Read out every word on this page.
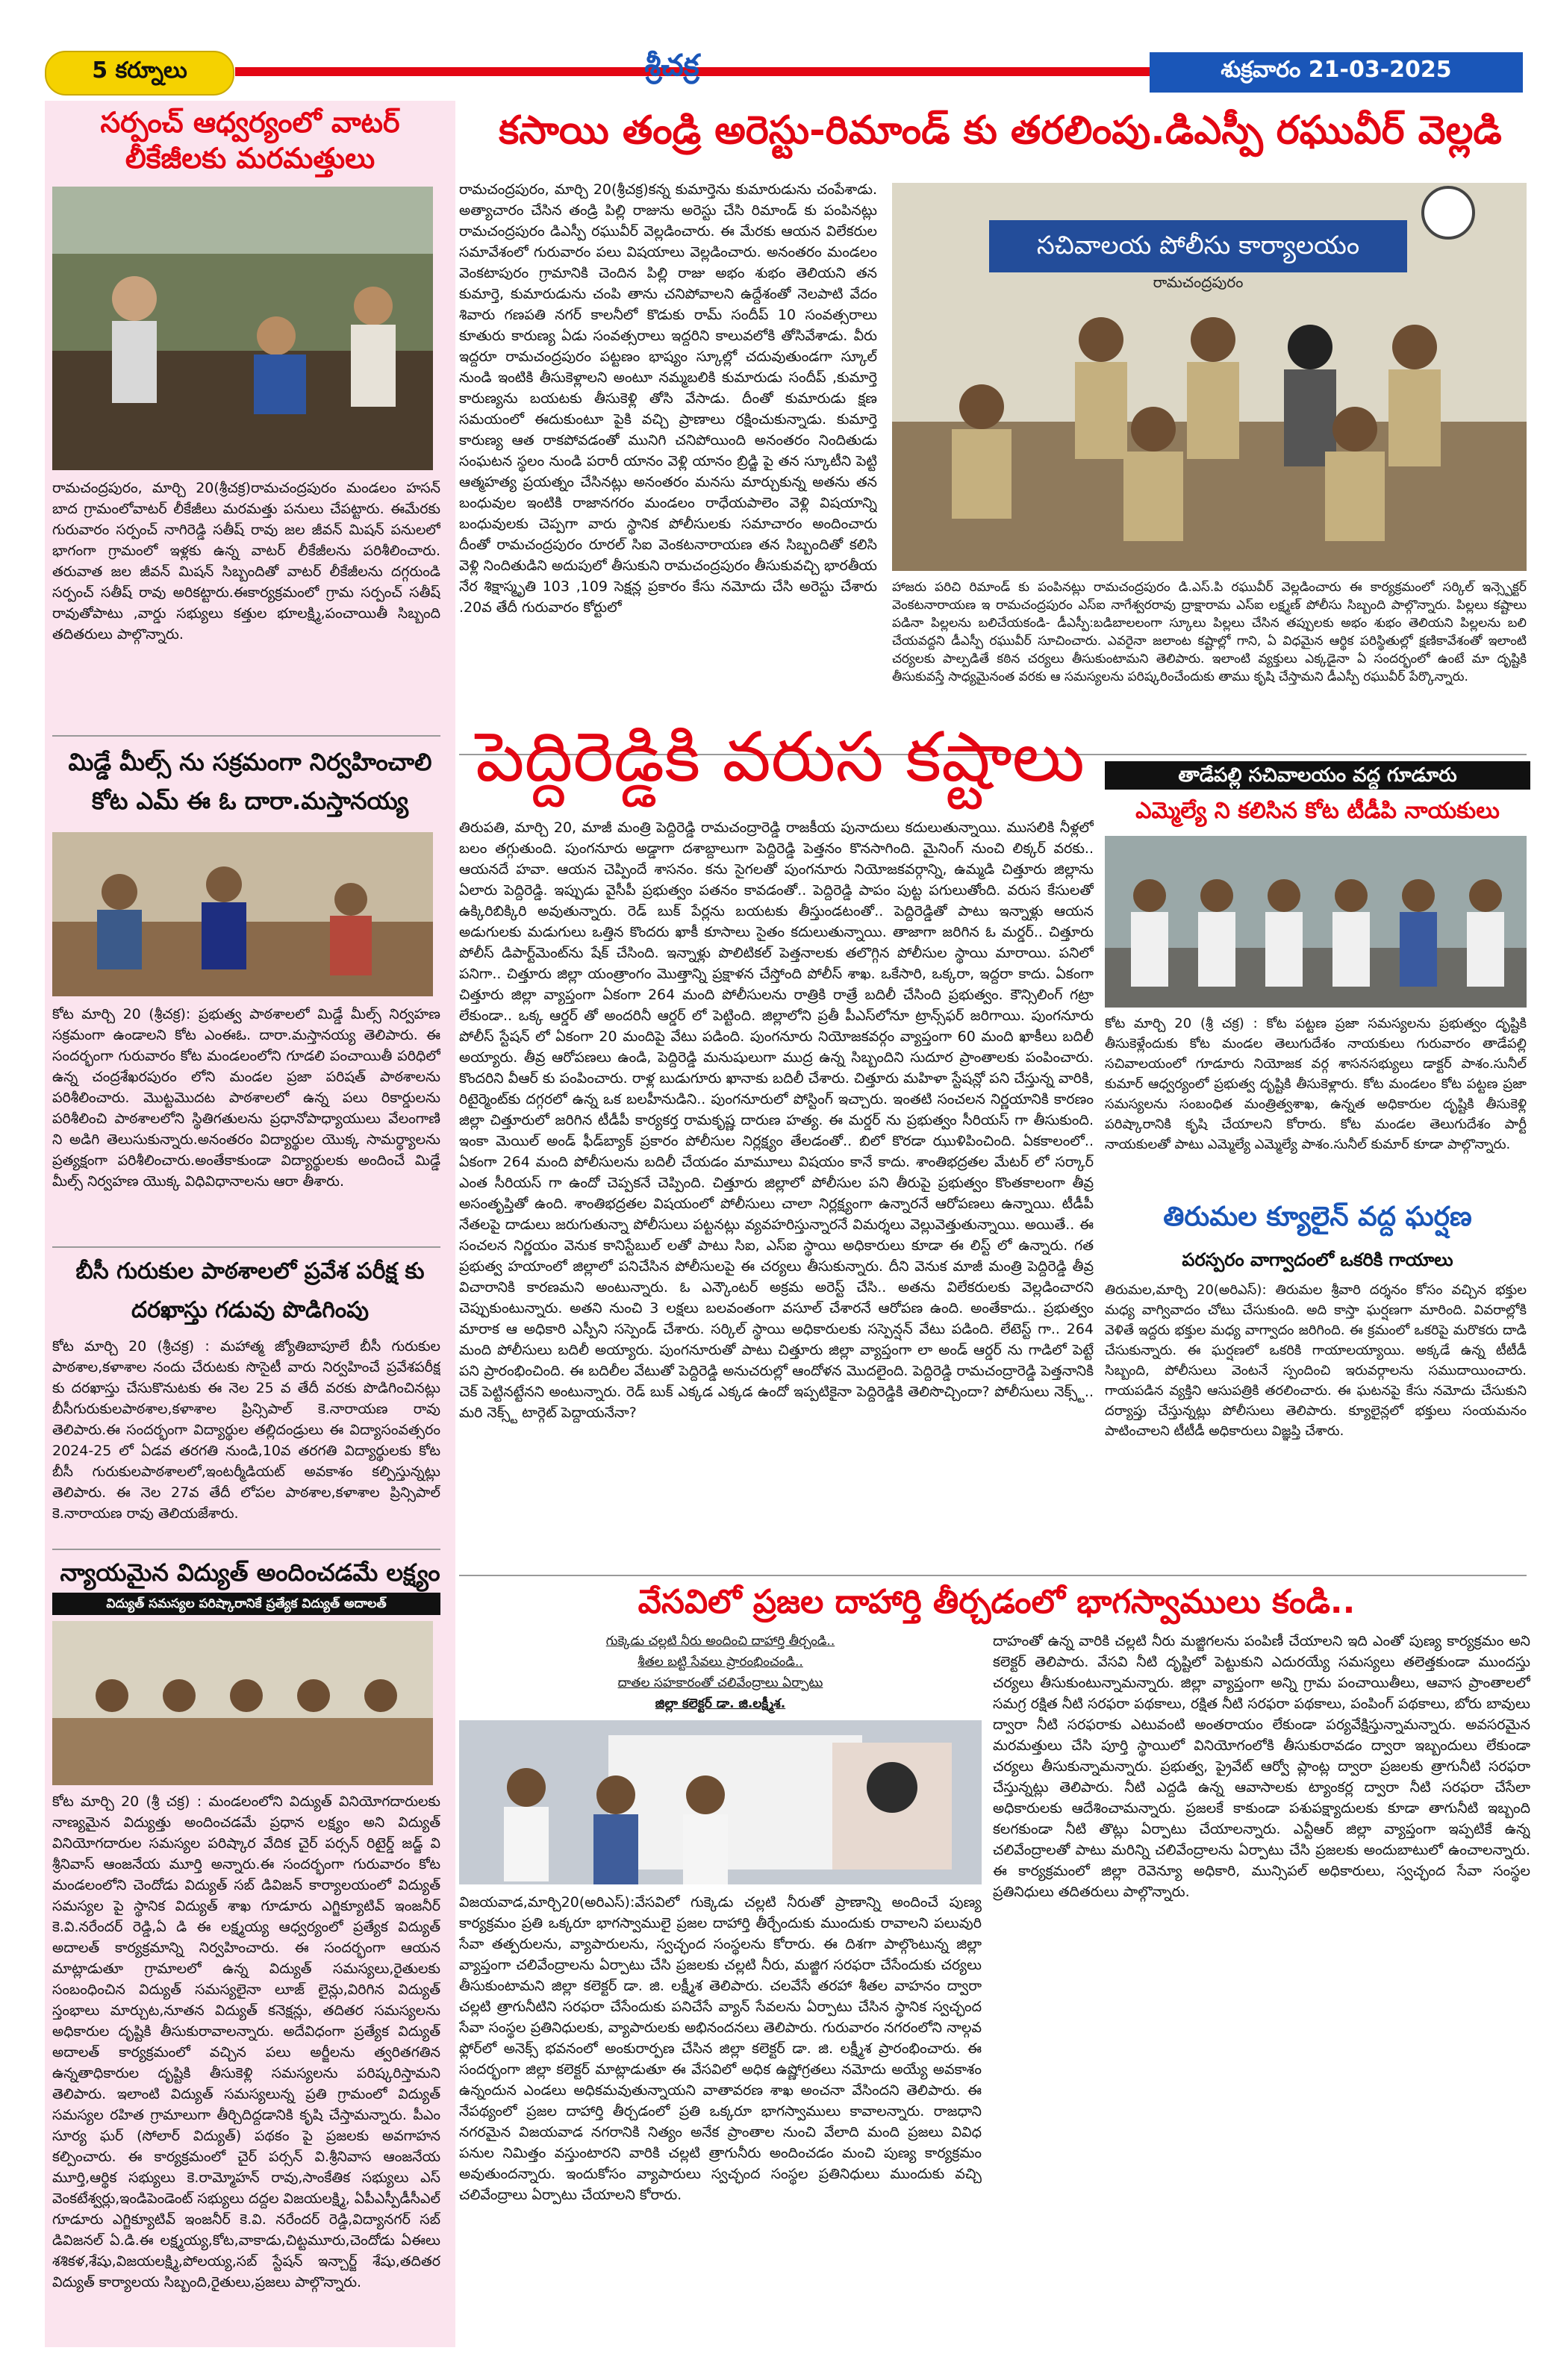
5 కర్నూలు	శ్రీచక్ర	శుక్రవారం 21-03-2025
సర్పంచ్ ఆధ్వర్యంలో వాటర్
లీకేజీలకు మరమత్తులు
రామచంద్రపురం, మార్చి 20(శ్రీచక్ర)రామచంద్రపురం మండలం హసన్ బాద గ్రామంలోవాటర్ లీకేజీలు మరమత్తు పనులు చేపట్టారు. ఈమేరకు గురువారం సర్పంచ్ నాగిరెడ్డి సతీష్ రావు జల జీవన్ మిషన్ పనులలో భాగంగా గ్రామంలో ఇళ్లకు ఉన్న వాటర్ లీకేజీలను పరిశీలించారు. తరువాత జల జీవన్ మిషన్ సిబ్బందితో వాటర్ లీకేజీలను దగ్గరుండి సర్పంచ్ సతీష్ రావు అరికట్టారు.ఈకార్యక్రమంలో గ్రామ సర్పంచ్ సతీష్ రావుతోపాటు ,వార్డు సభ్యులు కత్తుల భూలక్ష్మి,పంచాయితీ సిబ్బంది తదితరులు పాల్గొన్నారు.
మిడ్డే మీల్స్ ను సక్రమంగా నిర్వహించాలి
కోట ఎమ్ ఈ ఓ దారా.మస్తానయ్య
కోట మార్చి 20 (శ్రీచక్ర): ప్రభుత్వ పాఠశాలలో మిడ్డే మీల్స్ నిర్వహణ సక్రమంగా ఉండాలని కోట ఎంఈఓ. దారా.మస్తానయ్య తెలిపారు. ఈ సందర్భంగా గురువారం కోట మండలంలోని గూడలి పంచాయితీ పరిధిలో ఉన్న చంద్రశేఖరపురం లోని మండల ప్రజా పరిషత్ పాఠశాలను పరిశీలించారు. మొట్టమొదట పాఠశాలలో ఉన్న పలు రికార్డులను పరిశీలించి పాఠశాలలోని స్థితిగతులను ప్రధానోపాధ్యాయులు వేలంగాణి ని అడిగి తెలుసుకున్నారు.అనంతరం విద్యార్థుల యొక్క సామర్థ్యాలను ప్రత్యక్షంగా పరిశీలించారు.అంతేకాకుండా విద్యార్థులకు అందించే మిడ్డే మీల్స్ నిర్వహణ యొక్క విధివిధానాలను ఆరా తీశారు.
బీసీ గురుకుల పాఠశాలలో ప్రవేశ పరీక్ష కు
దరఖాస్తు గడువు పొడిగింపు
కోట మార్చి 20 (శ్రీచక్ర) : మహాత్మ జ్యోతిబాపూలే బీసీ గురుకుల పాఠశాల,కళాశాల నందు చేరుటకు సొసైటీ వారు నిర్వహించే ప్రవేశపరీక్ష కు దరఖాస్తు చేసుకొనుటకు ఈ నెల 25 వ తేదీ వరకు పొడిగించినట్లు బీసీగురుకులపాఠశాల,కళాశాల ప్రిన్సిపాల్ కె.నారాయణ రావు తెలిపారు.ఈ సందర్భంగా విద్యార్థుల తల్లిదండ్రులు ఈ విద్యాసంవత్సరం 2024-25 లో ఏడవ తరగతి నుండి,10వ తరగతి విద్యార్థులకు కోట బీసీ గురుకులపాఠశాలలో,ఇంటర్మీడియట్ అవకాశం కల్పిస్తున్నట్లు తెలిపారు. ఈ నెల 27వ తేదీ లోపల పాఠశాల,కళాశాల ప్రిన్సిపాల్ కె.నారాయణ రావు తెలియజేశారు.
న్యాయమైన విద్యుత్ అందించడమే లక్ష్యం
విద్యుత్ సమస్యల పరిష్కారానికే ప్రత్యేక విద్యుత్ అదాలత్
కోట మార్చి 20 (శ్రీ చక్ర) : మండలంలోని విద్యుత్ వినియోగదారులకు నాణ్యమైన విద్యుత్తు అందించడమే ప్రధాన లక్ష్యం అని విద్యుత్ వినియోగదారుల సమస్యల పరిష్కార వేదిక చైర్ పర్సన్ రిటైర్డ్ జడ్జ్ వి శ్రీనివాస్ ఆంజనేయ మూర్తి అన్నారు.ఈ సందర్భంగా గురువారం కోట మండలంలోని చెందోడు విద్యుత్ సబ్ డివిజన్ కార్యాలయంలో విద్యుత్ సమస్యల పై స్థానిక విద్యుత్ శాఖ గూడూరు ఎగ్జిక్యూటివ్ ఇంజనీర్ కె.వి.నరేందర్ రెడ్డి,ఏ డి ఈ లక్ష్మయ్య ఆధ్వర్యంలో ప్రత్యేక విద్యుత్ అదాలత్ కార్యక్రమాన్ని నిర్వహించారు. ఈ సందర్భంగా ఆయన మాట్లాడుతూ గ్రామాలలో ఉన్న విద్యుత్ సమస్యలు,రైతులకు సంబంధించిన విద్యుత్ సమస్యలైనా లూజ్ లైన్లు,విరిగిన విద్యుత్ స్తంభాలు మార్చుట,నూతన విద్యుత్ కనెక్షన్లు, తదితర సమస్యలను అధికారుల దృష్టికి తీసుకురావాలన్నారు. అదేవిధంగా ప్రత్యేక విద్యుత్ అదాలత్ కార్యక్రమంలో వచ్చిన పలు అర్జీలను త్వరితగతిన ఉన్నతాధికారుల దృష్టికి తీసుకెళ్లి సమస్యలను పరిష్కరిస్తామని తెలిపారు. ఇలాంటి విద్యుత్ సమస్యలున్న ప్రతి గ్రామంలో విద్యుత్ సమస్యల రహిత గ్రామాలుగా తీర్చిదిద్దడానికి కృషి చేస్తామన్నారు. పీఎం సూర్య ఘర్ (సోలార్ విద్యుత్) పథకం పై ప్రజలకు అవగాహన కల్పించారు. ఈ కార్యక్రమంలో చైర్ పర్సన్ వి.శ్రీనివాస ఆంజనేయ మూర్తి,ఆర్థిక సభ్యులు కె.రామ్మోహన్ రావు,సాంకేతిక సభ్యులు ఎస్ వెంకటేశ్వర్లు,ఇండిపెండెంట్ సభ్యులు దద్దల విజయలక్ష్మి, ఏపీఎస్పీడీసీఎల్ గూడూరు ఎగ్జిక్యూటివ్ ఇంజనీర్ కె.వి. నరేందర్ రెడ్డి,విద్యానగర్ సబ్ డివిజనల్ ఏ.డి.ఈ లక్ష్మయ్య,కోట,వాకాడు,చిట్టమూరు,చెందోడు ఏఈలు శశికళ,శేషు,విజయలక్ష్మి,పోలయ్య,సబ్ స్టేషన్ ఇన్చార్జ్ శేషు,తదితర విద్యుత్ కార్యాలయ సిబ్బంది,రైతులు,ప్రజలు పాల్గొన్నారు.
కసాయి తండ్రి అరెస్టు-రిమాండ్ కు తరలింపు.డిఎస్పీ రఘువీర్ వెల్లడి
రామచంద్రపురం, మార్చి 20(శ్రీచక్ర)కన్న కుమార్తెను కుమారుడును చంపేశాడు. అత్యాచారం చేసిన తండ్రి పిల్లి రాజును అరెస్టు చేసి రిమాండ్ కు పంపినట్లు రామచంద్రపురం డిఎస్పీ రఘువీర్ వెల్లడించారు. ఈ మేరకు ఆయన విలేకరుల సమావేశంలో గురువారం పలు విషయాలు వెల్లడించారు. అనంతరం మండలం వెంకటాపురం గ్రామానికి చెందిన పిల్లి రాజు అభం శుభం తెలియని తన కుమార్తె, కుమారుడును చంపి తాను చనిపోవాలని ఉద్దేశంతో నెలపాటి వేదం శివారు గణపతి నగర్ కాలనీలో కొడుకు రామ్ సందీప్ 10 సంవత్సరాలు కూతురు కారుణ్య ఏడు సంవత్సరాలు ఇద్దరిని కాలువలోకి తోసివేశాడు. వీరు ఇద్దరూ రామచంద్రపురం పట్టణం భాష్యం స్కూల్లో చదువుతుండగా స్కూల్ నుండి ఇంటికి తీసుకెళ్లాలని అంటూ నమ్మబలికి కుమారుడు సందీప్ ,కుమార్తె కారుణ్యను బయటకు తీసుకెళ్లి తోసి వేసాడు. దీంతో కుమారుడు క్షణ సమయంలో ఈదుకుంటూ పైకి వచ్చి ప్రాణాలు రక్షించుకున్నాడు. కుమార్తె కారుణ్య ఆత రాకపోవడంతో మునిగి చనిపోయింది అనంతరం నిందితుడు సంఘటన స్థలం నుండి పరారీ యానం వెళ్లి యానం బ్రిడ్జి పై తన స్కూటీని పెట్టి ఆత్మహత్య ప్రయత్నం చేసినట్లు అనంతరం మనసు మార్చుకున్న అతను తన బంధువుల ఇంటికి రాజానగరం మండలం రాధేయపాలెం వెళ్లి విషయాన్ని బంధువులకు చెప్పగా వారు స్థానిక పోలీసులకు సమాచారం అందించారు దీంతో రామచంద్రపురం రూరల్ సిఐ వెంకటనారాయణ తన సిబ్బందితో కలిసి వెళ్లి నిందితుడిని అదుపులో తీసుకుని రామచంద్రపురం తీసుకువచ్చి భారతీయ నేర శిక్షాస్మృతి 103 ,109 సెక్షన్ల ప్రకారం కేసు నమోదు చేసి అరెస్టు చేశారు .20వ తేదీ గురువారం కోర్టులో
సచివాలయ పోలీసు కార్యాలయం
రామచంద్రపురం
హాజరు పరిచి రిమాండ్ కు పంపినట్లు రామచంద్రపురం డి.ఎస్.పి రఘువీర్ వెల్లడించారు ఈ కార్యక్రమంలో సర్కిల్ ఇన్స్పెక్టర్ వెంకటనారాయణ ఇ రామచంద్రపురం ఎస్ఐ నాగేశ్వరరావు ద్రాక్షారామ ఎస్ఐ లక్ష్మణ్ పోలీసు సిబ్బంది పాల్గొన్నారు. పిల్లలు కష్టాలు పడినా పిల్లలను బలిచేయకండి- డీఎస్పీ:బడిబాలలంగా స్కూలు పిల్లలు చేసిన తప్పులకు అభం శుభం తెలియని పిల్లలను బలి చేయవద్దని డీఎస్పీ రఘువీర్ సూచించారు. ఎవరైనా జలాంట కష్టాల్లో గాని, ఏ విధమైన ఆర్థిక పరిస్థితుల్లో క్షణికావేశంతో ఇలాంటి చర్యలకు పాల్పడితే కఠిన చర్యలు తీసుకుంటామని తెలిపారు. ఇలాంటి వ్యక్తులు ఎక్కడైనా ఏ సందర్భంలో ఉంటే మా దృష్టికి తీసుకువస్తే సాధ్యమైనంత వరకు ఆ సమస్యలను పరిష్కరించేందుకు తాము కృషి చేస్తామని డీఎస్పీ రఘువీర్ పేర్కొన్నారు.
పెద్దిరెడ్డికి వరుస కష్టాలు
తిరుపతి, మార్చి 20, మాజీ మంత్రి పెద్దిరెడ్డి రామచంద్రారెడ్డి రాజకీయ పునాదులు కదులుతున్నాయి. ముసలికి నీళ్లలో బలం తగ్గుతుంది. పుంగనూరు అడ్డాగా దశాబ్దాలుగా పెద్దిరెడ్డి పెత్తనం కొనసాగింది. మైనింగ్ నుంచి లిక్కర్ వరకు.. ఆయనదే హవా. ఆయన చెప్పిందే శాసనం. కను సైగలతో పుంగనూరు నియోజకవర్గాన్ని, ఉమ్మడి చిత్తూరు జిల్లాను ఏలారు పెద్దిరెడ్డి. ఇప్పుడు వైసీపీ ప్రభుత్వం పతనం కావడంతో.. పెద్దిరెడ్డి పాపం పుట్ట పగులుతోంది. వరుస కేసులతో ఉక్కిరిబిక్కిరి అవుతున్నారు. రెడ్ బుక్ పేర్లను బయటకు తీస్తుండటంతో.. పెద్దిరెడ్డితో పాటు ఇన్నాళ్లు ఆయన అడుగులకు మడుగులు ఒత్తిన కొందరు ఖాకీ కూసాలు సైతం కదులుతున్నాయి. తాజాగా జరిగిన ఓ మర్డర్.. చిత్తూరు పోలీస్ డిపార్ట్‌మెంట్‌ను షేక్ చేసింది. ఇన్నాళ్లు పొలిటికల్ పెత్తనాలకు తలొగ్గిన పోలీసుల స్థాయి మారాయి. పనిలో పనిగా.. చిత్తూరు జిల్లా యంత్రాంగం మొత్తాన్ని ప్రక్షాళన చేస్తోంది పోలీస్ శాఖ. ఒకేసారి, ఒక్కరా, ఇద్దరా కాదు. ఏకంగా చిత్తూరు జిల్లా వ్యాప్తంగా ఏకంగా 264 మంది పోలీసులను రాత్రికి రాత్రే బదిలీ చేసింది ప్రభుత్వం. కౌన్సిలింగ్ గట్రా లేకుండా.. ఒక్క ఆర్డర్ తో అందరినీ ఆర్డర్ లో పెట్టింది. జిల్లాలోని ప్రతీ పీఎస్‌లోనూ ట్రాన్స్‌ఫర్ జరిగాయి. పుంగనూరు పోలీస్ స్టేషన్ లో ఏకంగా 20 మందిపై వేటు పడింది. పుంగనూరు నియోజకవర్గం వ్యాప్తంగా 60 మంది ఖాకీలు బదిలీ అయ్యారు. తీవ్ర ఆరోపణలు ఉండి, పెద్దిరెడ్డి మనుషులుగా ముద్ర ఉన్న సిబ్బందిని సుదూర ప్రాంతాలకు పంపించారు. కొందరిని వీఆర్ కు పంపించారు. రాళ్ల బుడుగూరు ఖానాకు బదిలీ చేశారు. చిత్తూరు మహిళా స్టేషన్లో పని చేస్తున్న వారికి, రిటైర్మెంట్‌కు దగ్గరలో ఉన్న ఒక బలహీనుడిని.. పుంగనూరులో పోస్టింగ్ ఇచ్చారు. ఇంతటి సంచలన నిర్ణయానికి కారణం జిల్లా చిత్తూరులో జరిగిన టీడీపీ కార్యకర్త రామకృష్ణ దారుణ హత్య. ఈ మర్డర్ ను ప్రభుత్వం సీరియస్ గా తీసుకుంది. ఇంకా మెయిల్ అండ్ ఫీడ్‌బ్యాక్ ప్రకారం పోలీసుల నిర్లక్ష్యం తేలడంతో.. బిలో కొరడా ఝుళిపించింది. ఏకకాలంలో.. ఏకంగా 264 మంది పోలీసులను బదిలీ చేయడం మామూలు విషయం కానే కాదు. శాంతిభద్రతల మేటర్ లో సర్కార్ ఎంత సీరియస్ గా ఉందో చెప్పకనే చెప్పింది. చిత్తూరు జిల్లాలో పోలీసుల పని తీరుపై ప్రభుత్వం కొంతకాలంగా తీవ్ర అసంతృప్తితో ఉంది. శాంతిభద్రతల విషయంలో పోలీసులు చాలా నిర్లక్ష్యంగా ఉన్నారనే ఆరోపణలు ఉన్నాయి. టీడీపీ నేతలపై దాడులు జరుగుతున్నా పోలీసులు పట్టనట్లు వ్యవహరిస్తున్నారనే విమర్శలు వెల్లువెత్తుతున్నాయి. అయితే.. ఈ సంచలన నిర్ణయం వెనుక కానిస్టేబుల్ లతో పాటు సిఐ, ఎస్ఐ స్థాయి అధికారులు కూడా ఈ లిస్ట్ లో ఉన్నారు. గత ప్రభుత్వ హయాంలో జిల్లాలో పనిచేసిన పోలీసులపై ఈ చర్యలు తీసుకున్నారు. దీని వెనుక మాజీ మంత్రి పెద్దిరెడ్డి తీవ్ర విచారానికి కారణమని అంటున్నారు. ఓ ఎన్కౌంటర్ అక్రమ అరెస్ట్ చేసి.. అతను విలేకరులకు వెల్లడించారని చెప్పుకుంటున్నారు. అతని నుంచి 3 లక్షలు బలవంతంగా వసూల్ చేశారనే ఆరోపణ ఉంది. అంతేకాదు.. ప్రభుత్వం మారాక ఆ అధికారి ఎస్పీని సస్పెండ్ చేశారు. సర్కిల్ స్థాయి అధికారులకు సస్పెన్షన్ వేటు పడింది. లేటెస్ట్ గా.. 264 మంది పోలీసులు బదిలీ అయ్యారు. పుంగనూరుతో పాటు చిత్తూరు జిల్లా వ్యాప్తంగా లా అండ్ ఆర్డర్ ను గాడిలో పెట్టే పని ప్రారంభించింది. ఈ బదిలీల వేటుతో పెద్దిరెడ్డి అనుచరుల్లో ఆందోళన మొదలైంది. పెద్దిరెడ్డి రామచంద్రారెడ్డి పెత్తనానికి చెక్ పెట్టినట్టేనని అంటున్నారు. రెడ్ బుక్ ఎక్కడ ఎక్కడ ఉందో ఇప్పటికైనా పెద్దిరెడ్డికి తెలిసొచ్చిందా? పోలీసులు నెక్స్ట్.. మరి నెక్స్ట్ టార్గెట్ పెద్దాయనేనా?
తాడేపల్లి సచివాలయం వద్ద గూడూరు
ఎమ్మెల్యే ని కలిసిన కోట టీడీపి నాయకులు
కోట మార్చి 20 (శ్రీ చక్ర) : కోట పట్టణ ప్రజా సమస్యలను ప్రభుత్వం దృష్టికి తీసుకెళ్లేందుకు కోట మండల తెలుగుదేశం నాయకులు గురువారం తాడేపల్లి సచివాలయంలో గూడూరు నియోజక వర్గ శాసనసభ్యులు డాక్టర్ పాశం.సునీల్ కుమార్ ఆధ్వర్యంలో ప్రభుత్వ దృష్టికి తీసుకెళ్లారు. కోట మండలం కోట పట్టణ ప్రజా సమస్యలను సంబంధిత మంత్రిత్వశాఖ, ఉన్నత అధికారుల దృష్టికి తీసుకెళ్లి పరిష్కారానికి కృషి చేయాలని కోరారు. కోట మండల తెలుగుదేశం పార్టీ నాయకులతో పాటు ఎమ్మెల్యే ఎమ్మెల్యే పాశం.సునీల్ కుమార్ కూడా పాల్గొన్నారు.
తిరుమల క్యూలైన్ వద్ద ఘర్షణ
పరస్పరం వాగ్వాదంలో ఒకరికి గాయాలు
తిరుమల,మార్చి 20(అరిఎస్): తిరుమల శ్రీవారి దర్శనం కోసం వచ్చిన భక్తుల మధ్య వాగ్వివాదం చోటు చేసుకుంది. అది కాస్తా ఘర్షణగా మారింది. వివరాల్లోకి వెళితే ఇద్దరు భక్తుల మధ్య వాగ్వాదం జరిగింది. ఈ క్రమంలో ఒకరిపై మరొకరు దాడి చేసుకున్నారు. ఈ ఘర్షణలో ఒకరికి గాయాలయ్యాయి. అక్కడే ఉన్న టీటీడీ సిబ్బంది, పోలీసులు వెంటనే స్పందించి ఇరువర్గాలను సముదాయించారు. గాయపడిన వ్యక్తిని ఆసుపత్రికి తరలించారు. ఈ ఘటనపై కేసు నమోదు చేసుకుని దర్యాప్తు చేస్తున్నట్లు పోలీసులు తెలిపారు. క్యూలైన్లలో భక్తులు సంయమనం పాటించాలని టీటీడీ అధికారులు విజ్ఞప్తి చేశారు.
వేసవిలో ప్రజల దాహార్తి తీర్చడంలో భాగస్వాములు కండి..
గుక్కెడు చల్లటి నీరు అందించి దాహార్తి తీర్చండి..
శీతల బట్టి సేవలు ప్రారంభించండి..
దాతల సహకారంతో చలివేంద్రాలు ఏర్పాటు
జిల్లా కలెక్టర్ డా. జి.లక్ష్మీశ.
విజయవాడ,మార్చి20(అరిఎస్):వేసవిలో గుక్కెడు చల్లటి నీరుతో ప్రాణాన్ని అందించే పుణ్య కార్యక్రమం ప్రతి ఒక్కరూ భాగస్వాములై ప్రజల దాహార్తి తీర్చేందుకు ముందుకు రావాలని పలువురి సేవా తత్పరులను, వ్యాపారులను, స్వచ్ఛంద సంస్థలను కోరారు. ఈ దిశగా పాల్గొంటున్న జిల్లా వ్యాప్తంగా చలివేంద్రాలను ఏర్పాటు చేసి ప్రజలకు చల్లటి నీరు, మజ్జిగ సరఫరా చేసేందుకు చర్యలు తీసుకుంటామని జిల్లా కలెక్టర్ డా. జి. లక్ష్మీశ తెలిపారు. చలవేసే తరహా శీతల వాహనం ద్వారా చల్లటి త్రాగునీటిని సరఫరా చేసేందుకు పనిచేసే వ్యాన్ సేవలను ఏర్పాటు చేసిన స్థానిక స్వచ్ఛంద సేవా సంస్థల ప్రతినిధులకు, వ్యాపారులకు అభినందనలు తెలిపారు. గురువారం నగరంలోని నాల్గవ ఫ్లోర్‌లో అనెక్స్ భవనంలో అంకురార్పణ చేసిన జిల్లా కలెక్టర్ డా. జి. లక్ష్మీశ ప్రారంభించారు. ఈ సందర్భంగా జిల్లా కలెక్టర్ మాట్లాడుతూ ఈ వేసవిలో అధిక ఉష్ణోగ్రతలు నమోదు అయ్యే అవకాశం ఉన్నందున ఎండలు అధికమవుతున్నాయని వాతావరణ శాఖ అంచనా వేసిందని తెలిపారు. ఈ నేపథ్యంలో ప్రజల దాహార్తి తీర్చడంలో ప్రతి ఒక్కరూ భాగస్వాములు కావాలన్నారు. రాజధాని నగరమైన విజయవాడ నగరానికి నిత్యం అనేక ప్రాంతాల నుంచి వేలాది మంది ప్రజలు వివిధ పనుల నిమిత్తం వస్తుంటారని వారికి చల్లటి త్రాగునీరు అందించడం మంచి పుణ్య కార్యక్రమం అవుతుందన్నారు. ఇందుకోసం వ్యాపారులు స్వచ్ఛంద సంస్థల ప్రతినిధులు ముందుకు వచ్చి చలివేంద్రాలు ఏర్పాటు చేయాలని కోరారు.
దాహంతో ఉన్న వారికి చల్లటి నీరు మజ్జిగలను పంపిణీ చేయాలని ఇది ఎంతో పుణ్య కార్యక్రమం అని కలెక్టర్ తెలిపారు. వేసవి నీటి దృష్టిలో పెట్టుకుని ఎదురయ్యే సమస్యలు తలెత్తకుండా ముందస్తు చర్యలు తీసుకుంటున్నామన్నారు. జిల్లా వ్యాప్తంగా అన్ని గ్రామ పంచాయితీలు, ఆవాస ప్రాంతాలలో సమగ్ర రక్షిత నీటి సరఫరా పథకాలు, రక్షిత నీటి సరఫరా పథకాలు, పంపింగ్ పథకాలు, బోరు బావులు ద్వారా నీటి సరఫరాకు ఎటువంటి అంతరాయం లేకుండా పర్యవేక్షిస్తున్నామన్నారు. అవసరమైన మరమత్తులు చేసి పూర్తి స్థాయిలో వినియోగంలోకి తీసుకురావడం ద్వారా ఇబ్బందులు లేకుండా చర్యలు తీసుకున్నామన్నారు. ప్రభుత్వ, ప్రైవేట్ ఆర్వో ప్లాంట్ల ద్వారా ప్రజలకు త్రాగునీటి సరఫరా చేస్తున్నట్లు తెలిపారు. నీటి ఎద్దడి ఉన్న ఆవాసాలకు ట్యాంకర్ల ద్వారా నీటి సరఫరా చేసేలా అధికారులకు ఆదేశించామన్నారు. ప్రజలకే కాకుండా పశుపక్ష్యాదులకు కూడా తాగునీటి ఇబ్బంది కలగకుండా నీటి తొట్లు ఏర్పాటు చేయాలన్నారు. ఎన్టీఆర్ జిల్లా వ్యాప్తంగా ఇప్పటికే ఉన్న చలివేంద్రాలతో పాటు మరిన్ని చలివేంద్రాలను ఏర్పాటు చేసి ప్రజలకు అందుబాటులో ఉంచాలన్నారు. ఈ కార్యక్రమంలో జిల్లా రెవెన్యూ అధికారి, మున్సిపల్ అధికారులు, స్వచ్ఛంద సేవా సంస్థల ప్రతినిధులు తదితరులు పాల్గొన్నారు.
